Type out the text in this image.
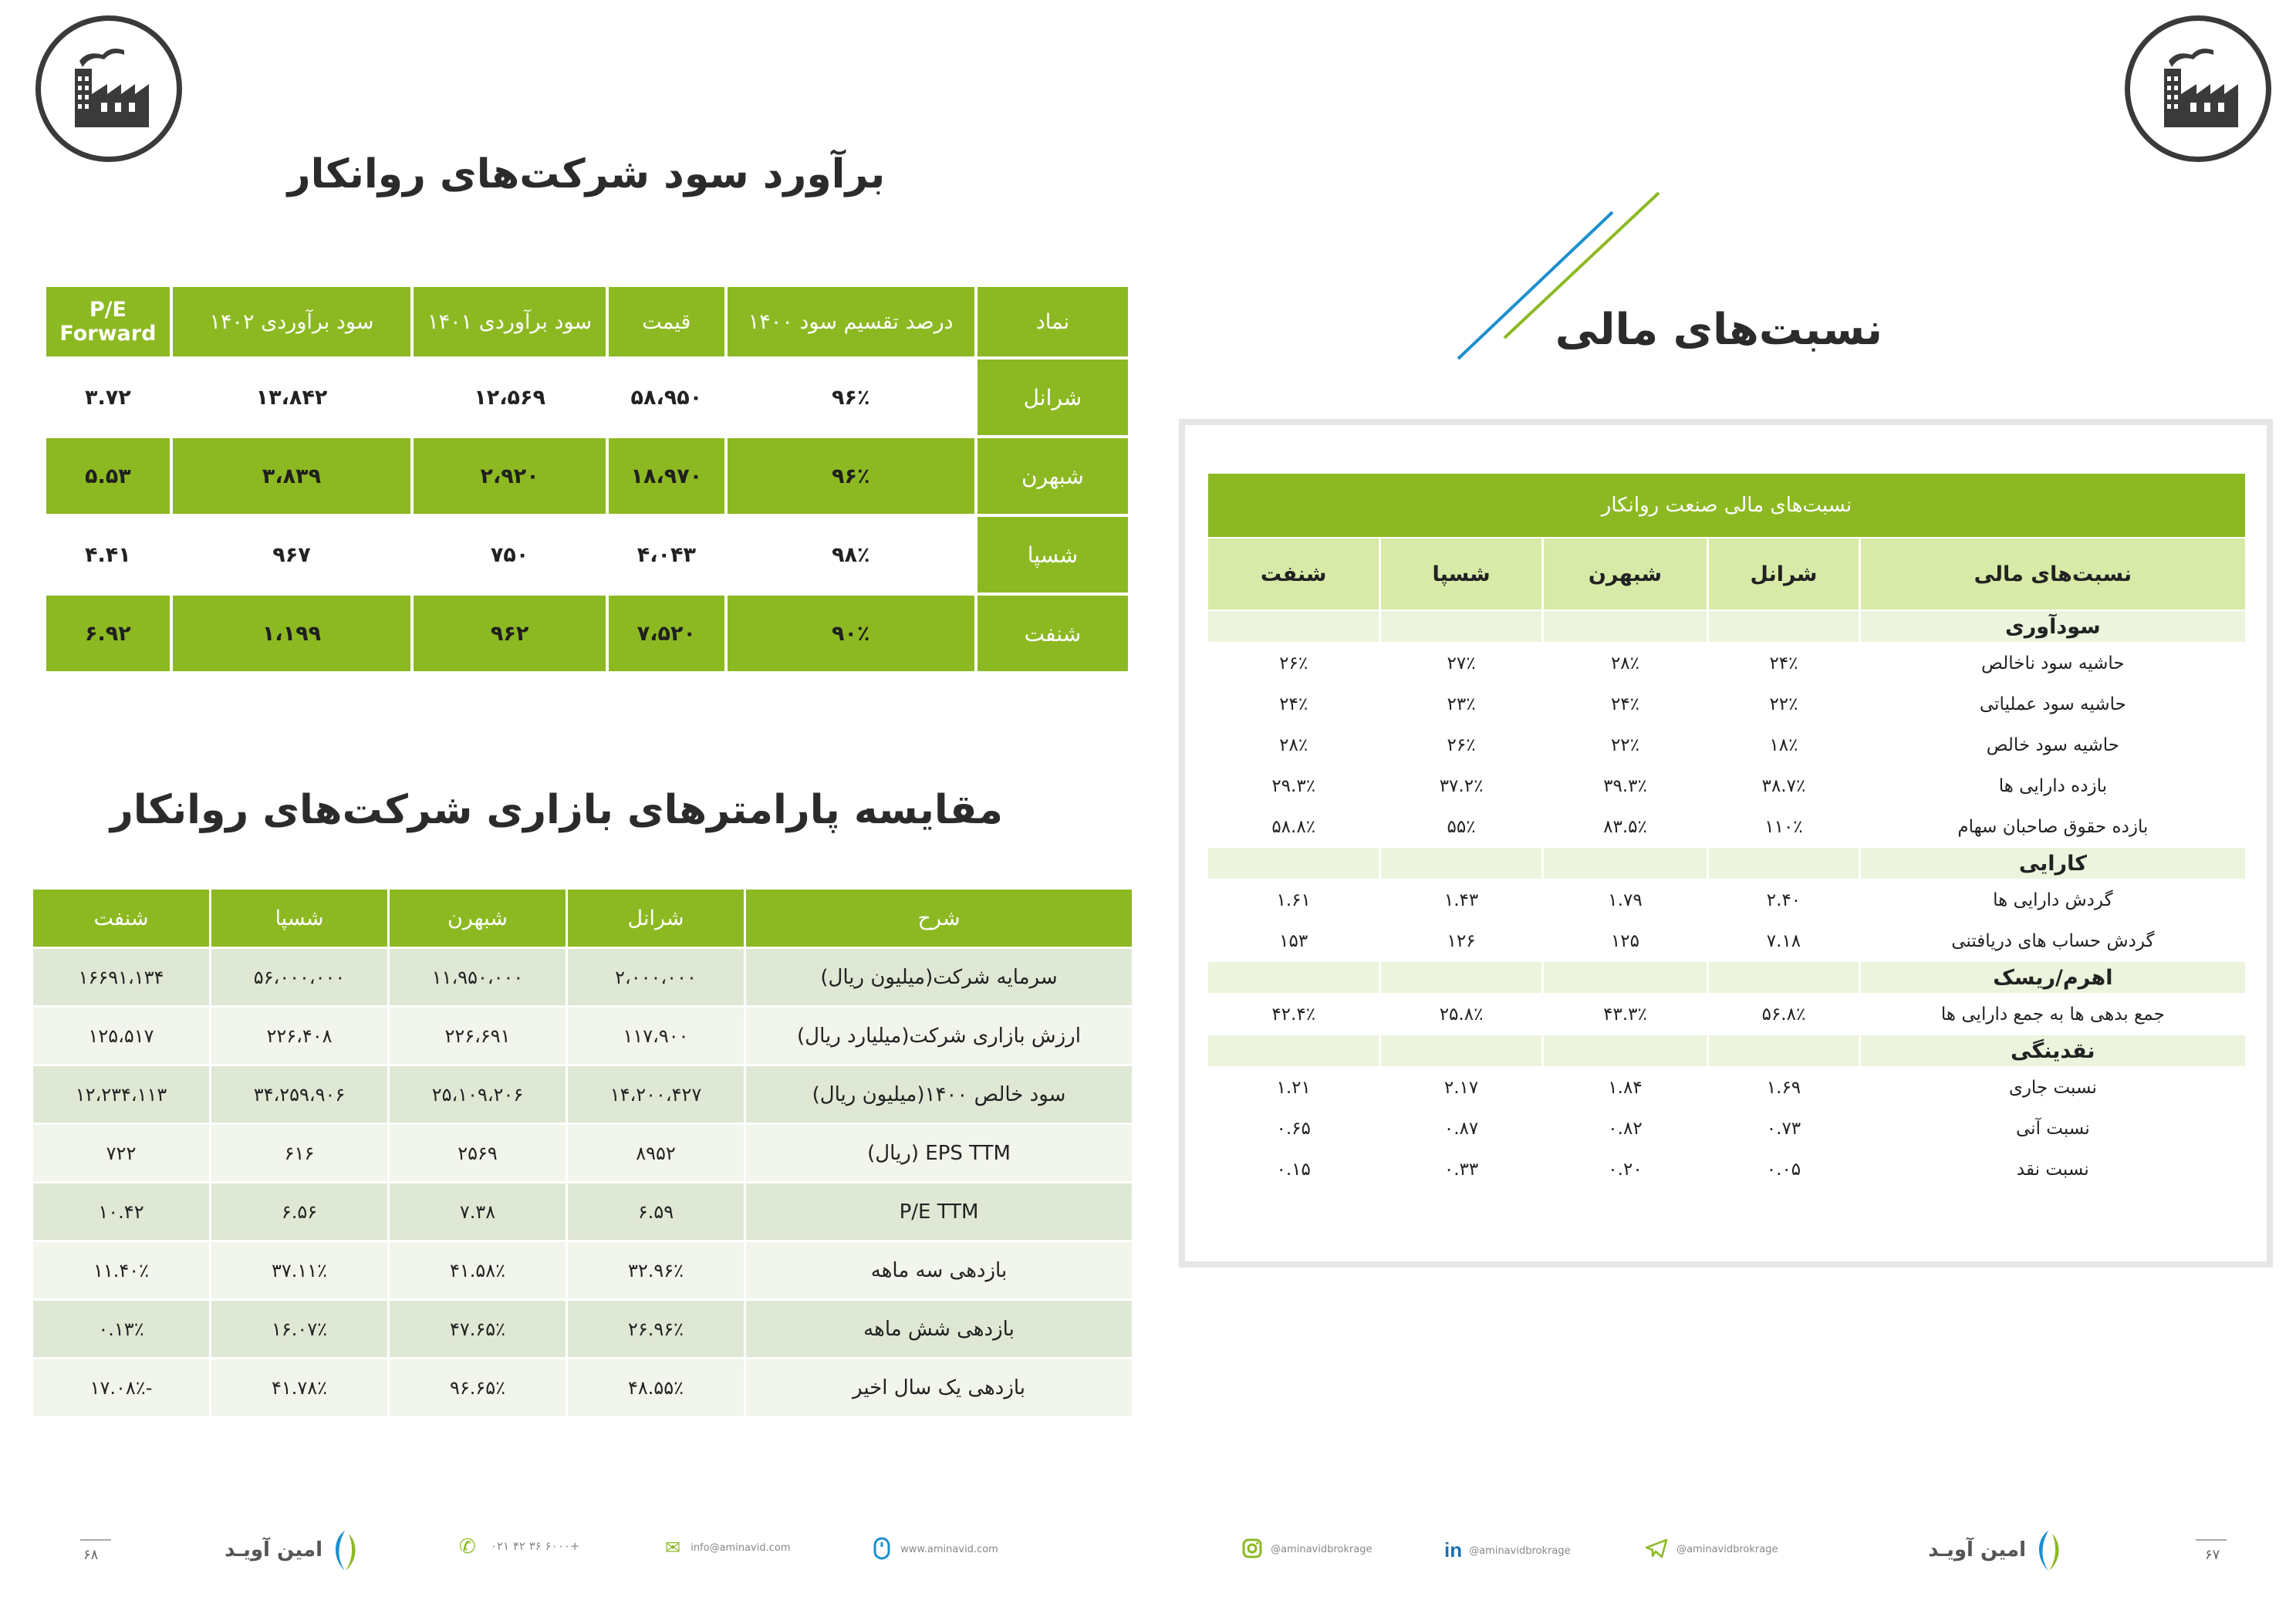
برآورد سود شرکت‌های روانکار
نماد	درصد تقسیم سود ۱۴۰۰	قیمت	سود برآوردی ۱۴۰۱	سود برآوردی ۱۴۰۲	P/E Forward
شرانل	۹۶٪	۵۸،۹۵۰	۱۲،۵۶۹	۱۳،۸۴۲	۳.۷۲
شبهرن	۹۶٪	۱۸،۹۷۰	۲،۹۲۰	۳،۸۳۹	۵.۵۳
شسپا	۹۸٪	۴،۰۴۳	۷۵۰	۹۶۷	۴.۴۱
شنفت	۹۰٪	۷،۵۲۰	۹۶۲	۱،۱۹۹	۶.۹۲
مقایسه پارامترهای بازاری شرکت‌های روانکار
شرح	شرانل	شبهرن	شسپا	شنفت
سرمایه شرکت(میلیون ریال)	۲،۰۰۰،۰۰۰	۱۱،۹۵۰،۰۰۰	۵۶،۰۰۰،۰۰۰	۱۶۶۹۱،۱۳۴
ارزش بازاری شرکت(میلیارد ریال)	۱۱۷،۹۰۰	۲۲۶،۶۹۱	۲۲۶،۴۰۸	۱۲۵،۵۱۷
سود خالص ۱۴۰۰(میلیون ریال)	۱۴،۲۰۰،۴۲۷	۲۵،۱۰۹،۲۰۶	۳۴،۲۵۹،۹۰۶	۱۲،۲۳۴،۱۱۳
EPS TTM (ریال)	۸۹۵۲	۲۵۶۹	۶۱۶	۷۲۲
P/E TTM	۶.۵۹	۷.۳۸	۶.۵۶	۱۰.۴۲
بازدهی سه ماهه	۳۲.۹۶٪	۴۱.۵۸٪	۳۷.۱۱٪	۱۱.۴۰٪
بازدهی شش ماهه	۲۶.۹۶٪	۴۷.۶۵٪	۱۶.۰۷٪	۰.۱۳٪
بازدهی یک سال اخیر	۴۸.۵۵٪	۹۶.۶۵٪	۴۱.۷۸٪	-۱۷.۰۸٪
۶۸	امین آویـد	✆ ۰۲۱ ۴۲ ۳۶ ۶۰۰۰+	✉ $^{info@aminavid.com}$	www.aminavid.com
نسبت‌های مالی
نسبت‌های مالی صنعت روانکار				
نسبت‌های مالی	شرانل	شبهرن	شسپا	شنفت
سودآوری				
حاشیه سود ناخالص	۲۴٪	۲۸٪	۲۷٪	۲۶٪
حاشیه سود عملیاتی	۲۲٪	۲۴٪	۲۳٪	۲۴٪
حاشیه سود خالص	۱۸٪	۲۲٪	۲۶٪	۲۸٪
بازده دارایی ها	۳۸.۷٪	۳۹.۳٪	۳۷.۲٪	۲۹.۳٪
بازده حقوق صاحبان سهام	۱۱۰٪	۸۳.۵٪	۵۵٪	۵۸.۸٪
کارایی				
گردش دارایی ها	۲.۴۰	۱.۷۹	۱.۴۳	۱.۶۱
گردش حساب های دریافتنی	۷.۱۸	۱۲۵	۱۲۶	۱۵۳
اهرم/ریسک				
جمع بدهی ها به جمع دارایی ها	۵۶.۸٪	۴۳.۳٪	۲۵.۸٪	۴۲.۴٪
نقدینگی				
نسبت جاری	۱.۶۹	۱.۸۴	۲.۱۷	۱.۲۱
نسبت آنی	۰.۷۳	۰.۸۲	۰.۸۷	۰.۶۵
نسبت نقد	۰.۰۵	۰.۲۰	۰.۳۳	۰.۱۵
@aminavidbrokrage	in $^{@aminavidbrokrage}$	@aminavidbrokrage	امین آویـد	۶۷
